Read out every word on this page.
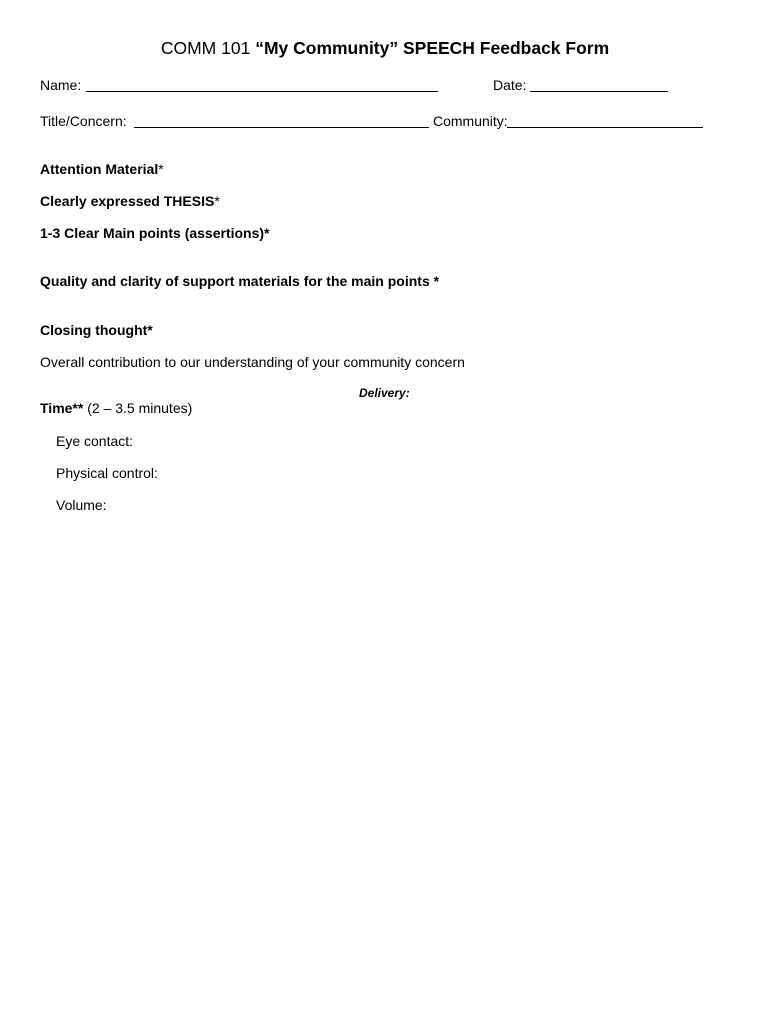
COMM 101 “My Community” SPEECH Feedback Form
Name:	Date:
Title/Concern:	Community:
Attention Material*
Clearly expressed THESIS*
1-3 Clear Main points (assertions)*
Quality and clarity of support materials for the main points *
Closing thought*
Overall contribution to our understanding of your community concern
Delivery:
Time** (2 – 3.5 minutes)
Eye contact:
Physical control:
Volume:
